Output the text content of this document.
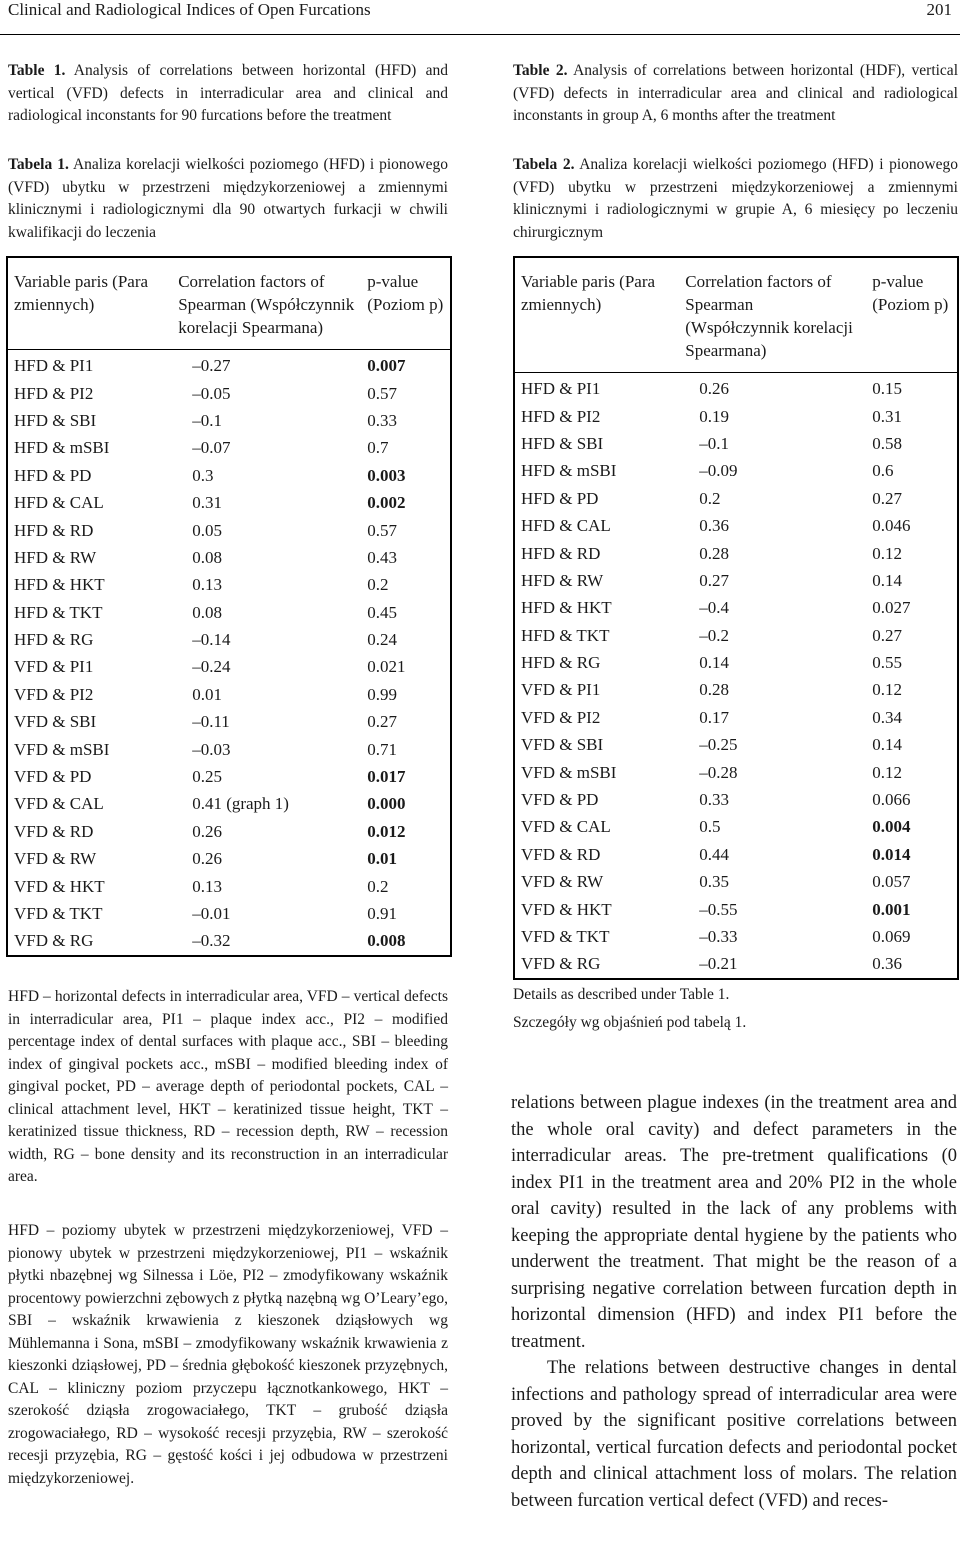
Clinical and Radiological Indices of Open Furcations	201
Table 1. Analysis of correlations between horizontal (HFD) and vertical (VFD) defects in interradicular area and clinical and radiological inconstants for 90 furcations before the treatment
Tabela 1. Analiza korelacji wielkości poziomego (HFD) i pionowego (VFD) ubytku w przestrzeni międzykorzeniowej a zmiennymi klinicznymi i radiologicznymi dla 90 otwartych furkacji w chwili kwalifikacji do leczenia
Table 2. Analysis of correlations between horizontal (HDF), vertical (VFD) defects in interradicular area and clinical and radiological inconstants in group A, 6 months after the treatment
Tabela 2. Analiza korelacji wielkości poziomego (HFD) i pionowego (VFD) ubytku w przestrzeni międzykorzeniowej a zmiennymi klinicznymi i radiologicznymi w grupie A, 6 miesięcy po leczeniu chirurgicznym
Variable paris (Para zmiennych)	Correlation factors of Spearman (Współczynnik korelacji Spearmana)	p-value (Poziom p)
HFD & PI1	–0.27	0.007
HFD & PI2	–0.05	0.57
HFD & SBI	–0.1	0.33
HFD & mSBI	–0.07	0.7
HFD & PD	0.3	0.003
HFD & CAL	0.31	0.002
HFD & RD	0.05	0.57
HFD & RW	0.08	0.43
HFD & HKT	0.13	0.2
HFD & TKT	0.08	0.45
HFD & RG	–0.14	0.24
VFD & PI1	–0.24	0.021
VFD & PI2	0.01	0.99
VFD & SBI	–0.11	0.27
VFD & mSBI	–0.03	0.71
VFD & PD	0.25	0.017
VFD & CAL	0.41 (graph 1)	0.000
VFD & RD	0.26	0.012
VFD & RW	0.26	0.01
VFD & HKT	0.13	0.2
VFD & TKT	–0.01	0.91
VFD & RG	–0.32	0.008
Variable paris (Para zmiennych)	Correlation factors of Spearman (Współczynnik korelacji Spearmana)	p-value (Poziom p)
HFD & PI1	0.26	0.15
HFD & PI2	0.19	0.31
HFD & SBI	–0.1	0.58
HFD & mSBI	–0.09	0.6
HFD & PD	0.2	0.27
HFD & CAL	0.36	0.046
HFD & RD	0.28	0.12
HFD & RW	0.27	0.14
HFD & HKT	–0.4	0.027
HFD & TKT	–0.2	0.27
HFD & RG	0.14	0.55
VFD & PI1	0.28	0.12
VFD & PI2	0.17	0.34
VFD & SBI	–0.25	0.14
VFD & mSBI	–0.28	0.12
VFD & PD	0.33	0.066
VFD & CAL	0.5	0.004
VFD & RD	0.44	0.014
VFD & RW	0.35	0.057
VFD & HKT	–0.55	0.001
VFD & TKT	–0.33	0.069
VFD & RG	–0.21	0.36
HFD – horizontal defects in interradicular area, VFD – vertical defects in interradicular area, PI1 – plaque index acc., PI2 – modified percentage index of dental surfaces with plaque acc., SBI – bleeding index of gingival pockets acc., mSBI – modified bleeding index of gingival pocket, PD – average depth of periodontal pockets, CAL – clinical attachment level, HKT – keratinized tissue height, TKT – keratinized tissue thickness, RD – recession depth, RW – recession width, RG – bone density and its reconstruction in an interradicular area.
HFD – poziomy ubytek w przestrzeni międzykorzeniowej, VFD – pionowy ubytek w przestrzeni międzykorzeniowej, PI1 – wskaźnik płytki nbazębnej wg Silnessa i Löe, PI2 – zmodyfikowany wskaźnik procentowy powierzchni zębowych z płytką nazębną wg O’Leary’ego, SBI – wskaźnik krwawienia z kieszonek dziąsłowych wg Mühlemanna i Sona, mSBI – zmodyfikowany wskaźnik krwawienia z kieszonki dziąsłowej, PD – średnia głębokość kieszonek przyzębnych, CAL – kliniczny poziom przyczepu łącznotkankowego, HKT – szerokość dziąsła zrogowaciałego, TKT – grubość dziąsła zrogowaciałego, RD – wysokość recesji przyzębia, RW – szerokość recesji przyzębia, RG – gęstość kości i jej odbudowa w przestrzeni międzykorzeniowej.
Details as described under Table 1.
Szczegóły wg objaśnień pod tabelą 1.

relations between plague indexes (in the treatment area and the whole oral cavity) and defect parameters in the interradicular areas. The pre-tretment qualifications (0 index PI1 in the treatment area and 20% PI2 in the whole oral cavity) resulted in the lack of any problems with keeping the appropriate dental hygiene by the patients who underwent the treatment. That might be the reason of a surprising negative correlation between furcation depth in horizontal dimension (HFD) and index PI1 before the treatment.

The relations between destructive changes in dental infections and pathology spread of interradicular area were proved by the significant positive correlations between horizontal, vertical furcation defects and periodontal pocket depth and clinical attachment loss of molars. The relation between furcation vertical defect (VFD) and reces-
